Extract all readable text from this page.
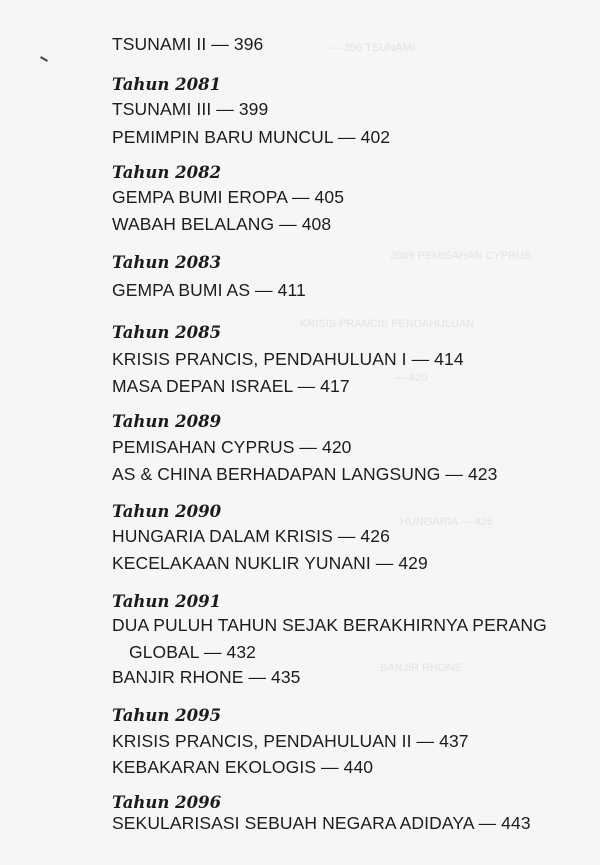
— 396 TSUNAMI
2089 PEMISAHAN CYPRUS
KRISIS PRANCIS PENDAHULUAN
— 420
HUNGARIA — 426
BANJIR RHONE
TSUNAMI II — 396
Tahun 2081
TSUNAMI III — 399
PEMIMPIN BARU MUNCUL — 402
Tahun 2082
GEMPA BUMI EROPA — 405
WABAH BELALANG — 408
Tahun 2083
GEMPA BUMI AS — 411
Tahun 2085
KRISIS PRANCIS, PENDAHULUAN I — 414
MASA DEPAN ISRAEL — 417
Tahun 2089
PEMISAHAN CYPRUS — 420
AS & CHINA BERHADAPAN LANGSUNG — 423
Tahun 2090
HUNGARIA DALAM KRISIS — 426
KECELAKAAN NUKLIR YUNANI — 429
Tahun 2091
DUA PULUH TAHUN SEJAK BERAKHIRNYA PERANG
GLOBAL — 432
BANJIR RHONE — 435
Tahun 2095
KRISIS PRANCIS, PENDAHULUAN II — 437
KEBAKARAN EKOLOGIS — 440
Tahun 2096
SEKULARISASI SEBUAH NEGARA ADIDAYA — 443
